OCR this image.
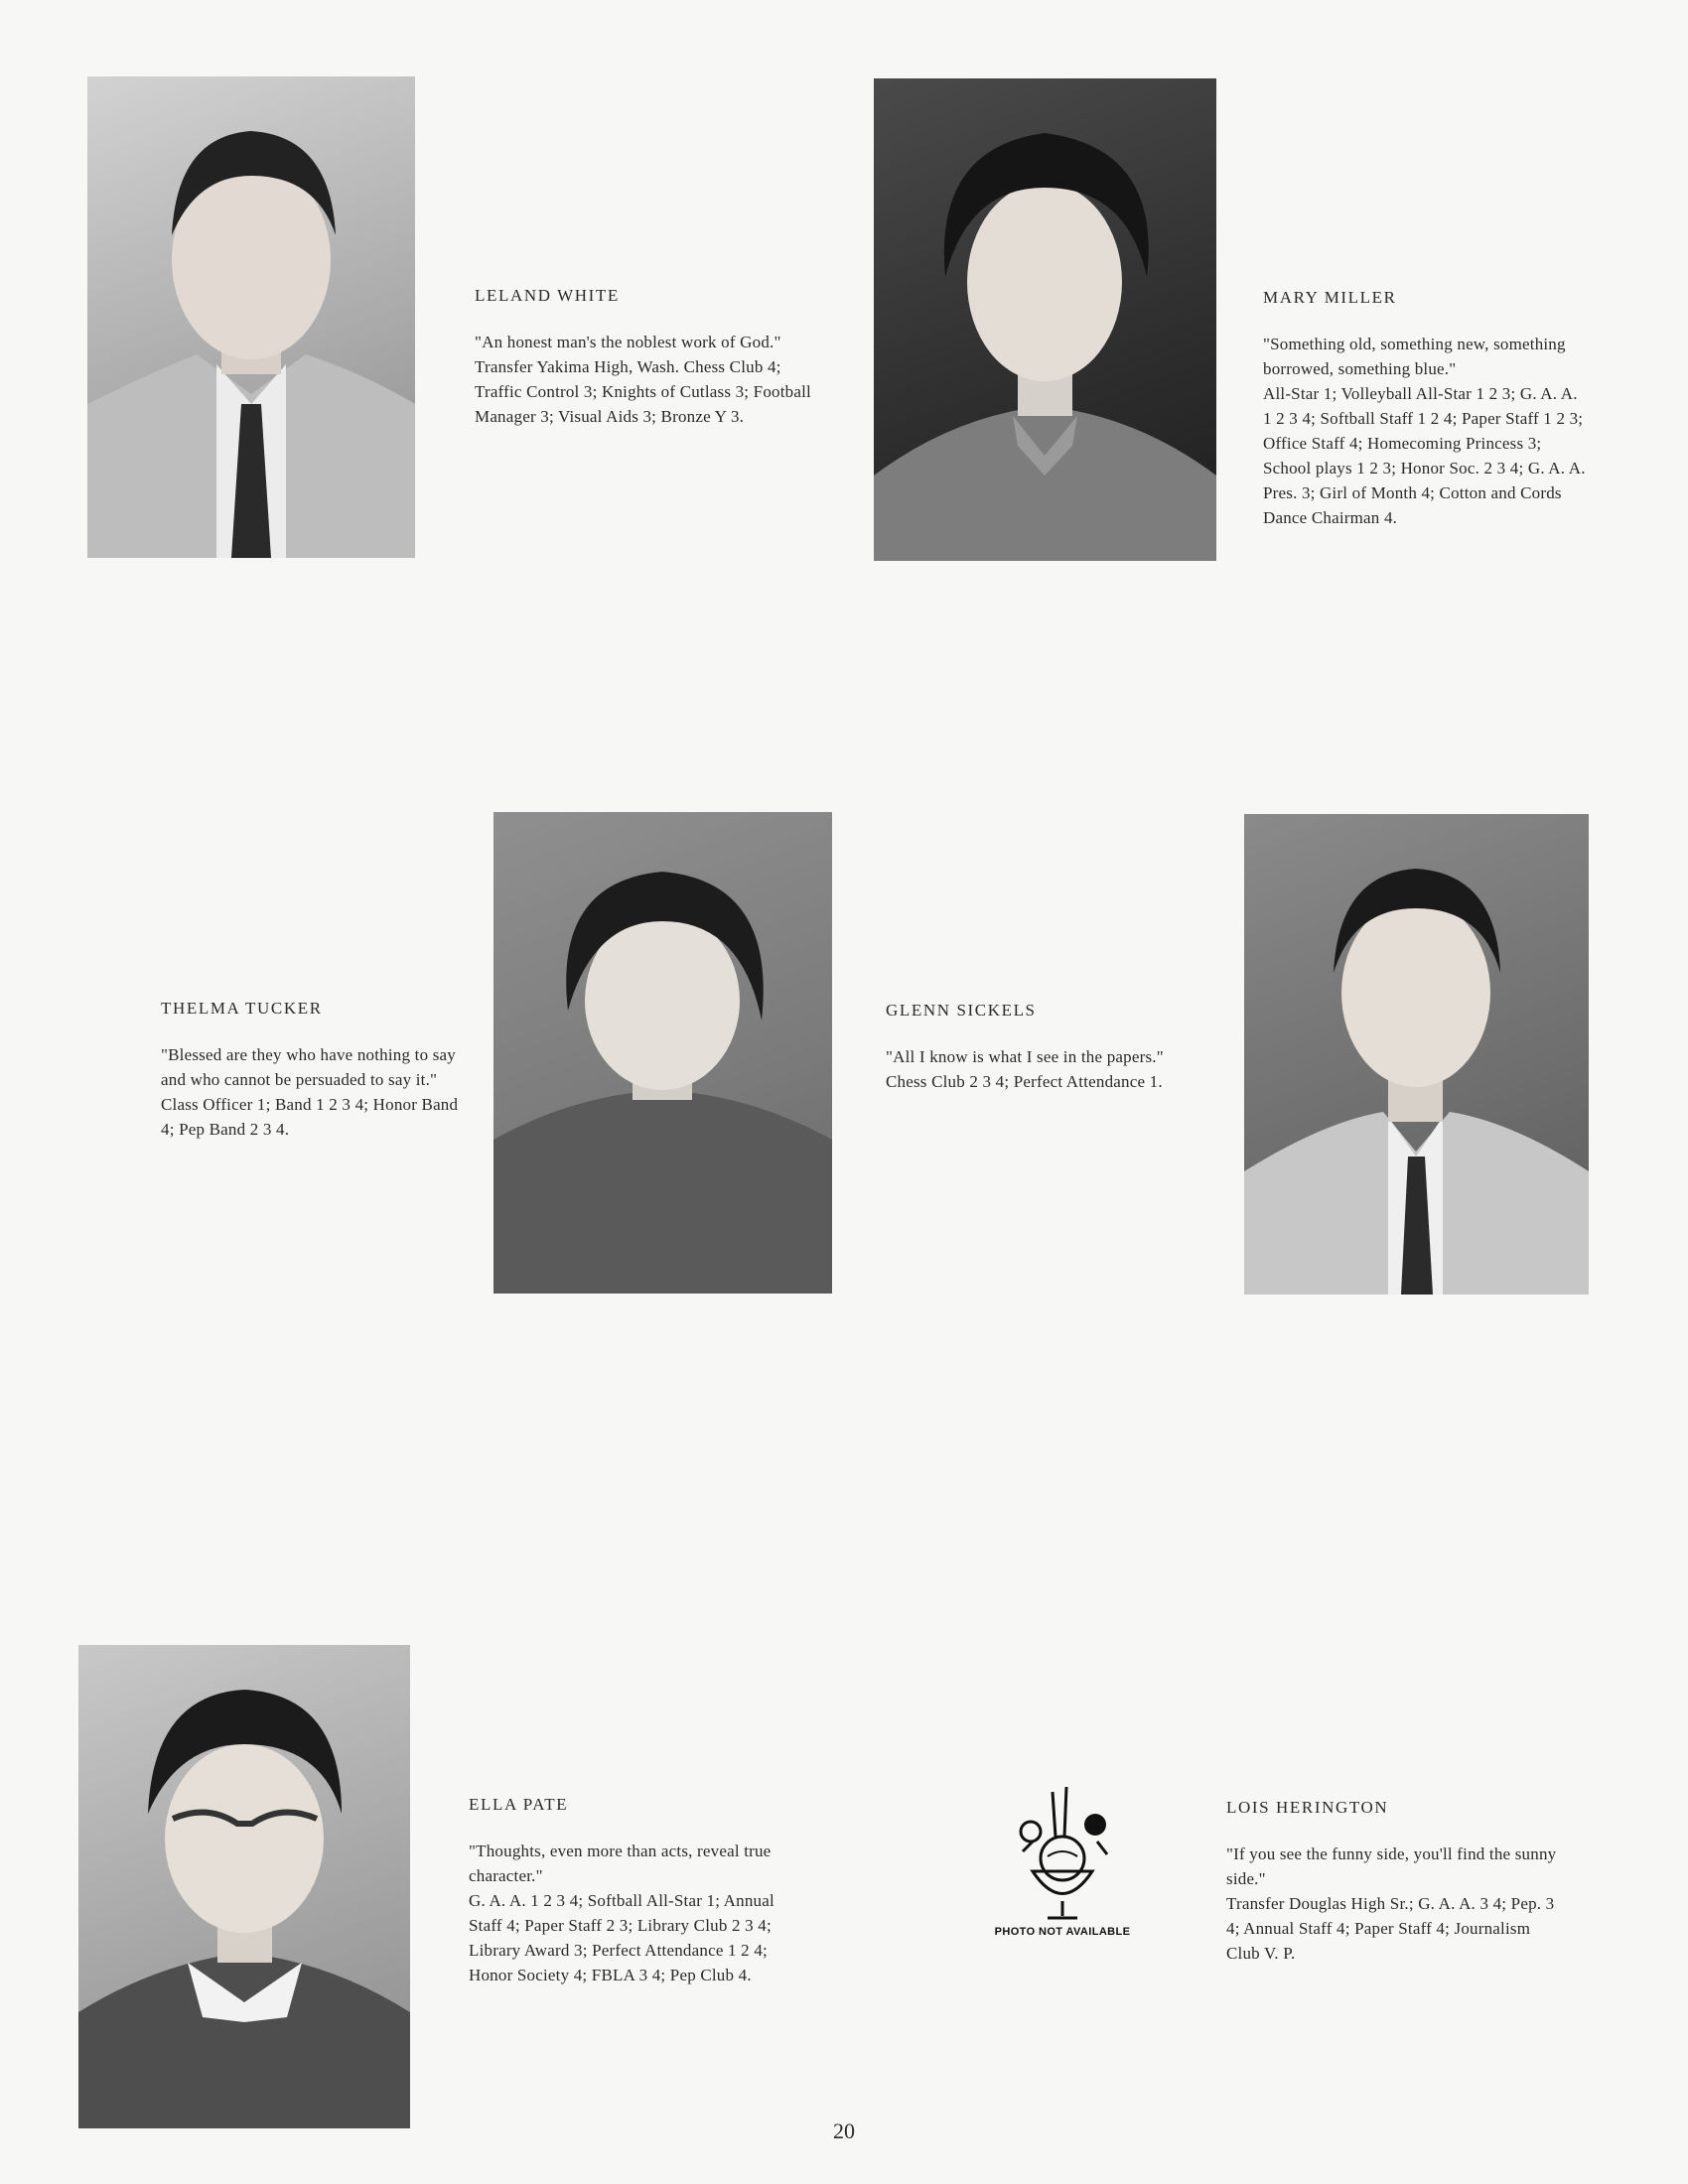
LELAND WHITE
"An honest man's the noblest work of God."
Transfer Yakima High, Wash. Chess Club 4; Traffic Control 3; Knights of Cutlass 3; Football Manager 3; Visual Aids 3; Bronze Y 3.
MARY MILLER
"Something old, something new, something borrowed, something blue."
All-Star 1; Volleyball All-Star 1 2 3; G. A. A. 1 2 3 4; Softball Staff 1 2 4; Paper Staff 1 2 3; Office Staff 4; Homecoming Princess 3; School plays 1 2 3; Honor Soc. 2 3 4; G. A. A. Pres. 3; Girl of Month 4; Cotton and Cords Dance Chairman 4.
THELMA TUCKER
"Blessed are they who have nothing to say and who cannot be persuaded to say it."
Class Officer 1; Band 1 2 3 4; Honor Band 4; Pep Band 2 3 4.
GLENN SICKELS
"All I know is what I see in the papers."
Chess Club 2 3 4; Perfect Attendance 1.
ELLA PATE
"Thoughts, even more than acts, reveal true character."
G. A. A. 1 2 3 4; Softball All-Star 1; Annual Staff 4; Paper Staff 2 3; Library Club 2 3 4; Library Award 3; Perfect Attendance 1 2 4; Honor Society 4; FBLA 3 4; Pep Club 4.
PHOTO NOT AVAILABLE
LOIS HERINGTON
"If you see the funny side, you'll find the sunny side."
Transfer Douglas High Sr.; G. A. A. 3 4; Pep. 3 4; Annual Staff 4; Paper Staff 4; Journalism Club V. P.
20
